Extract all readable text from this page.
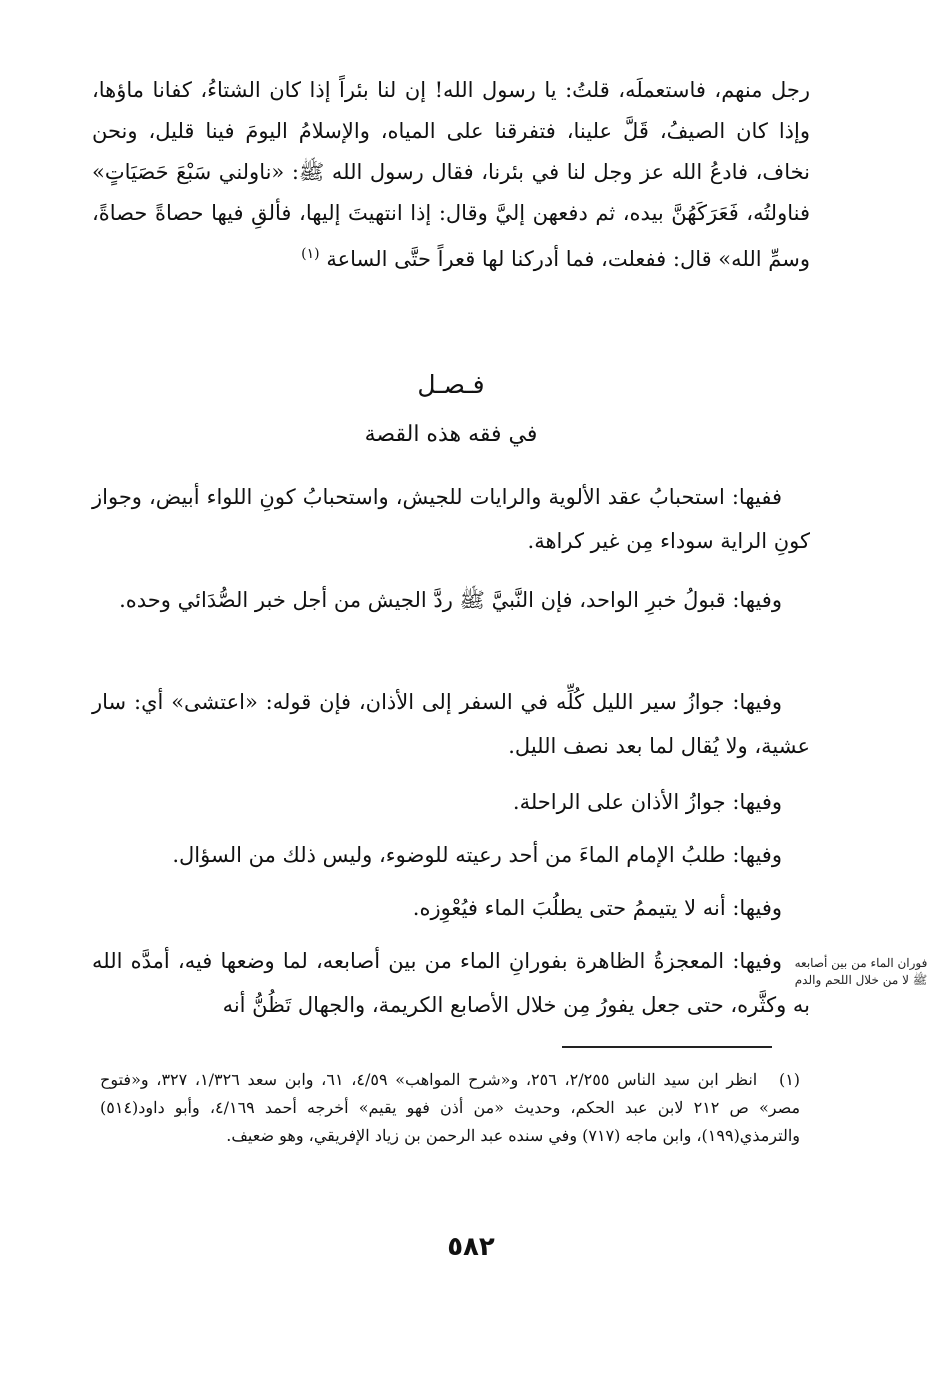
رجل منهم، فاستعملَه، قلتُ: يا رسول الله! إن لنا بئراً إذا كان الشتاءُ، كفانا ماؤها، وإذا كان الصيفُ، قَلَّ علينا، فتفرقنا على المياه، والإسلامُ اليومَ فينا قليل، ونحن نخاف، فادعُ الله عز وجل لنا في بئرنا، فقال رسول الله ﷺ: «ناولني سَبْعَ حَصَيَاتٍ» فناولتُه، فَعَرَكَهُنَّ بيده، ثم دفعهن إليَّ وقال: إذا انتهيتَ إليها، فألقِ فيها حصاةً حصاةً، وسمِّ الله» قال: ففعلت، فما أدركنا لها قعراً حتَّى الساعة $^{(١)}$
فـصـل
في فقه هذه القصة
ففيها: استحبابُ عقد الألوية والرايات للجيش، واستحبابُ كونِ اللواء أبيض، وجواز كونِ الراية سوداء مِن غير كراهة.
وفيها: قبولُ خبرِ الواحد، فإن النَّبيَّ ﷺ ردَّ الجيش من أجل خبر الصُّدَائي وحده.
وفيها: جوازُ سير الليل كُلِّه في السفر إلى الأذان، فإن قوله: «اعتشى» أي: سار عشية، ولا يُقال لما بعد نصف الليل.
وفيها: جوازُ الأذان على الراحلة.
وفيها: طلبُ الإمام الماءَ من أحد رعيته للوضوء، وليس ذلك من السؤال.
وفيها: أنه لا يتيممُ حتى يطلُبَ الماء فيُعْوِزه.
وفيها: المعجزةُ الظاهرة بفورانِ الماء من بين أصابعه، لما وضعها فيه، أمدَّه الله به وكثَّره، حتى جعل يفورُ مِن خلال الأصابع الكريمة، والجهال تَظُنُّ أنه
فوران الماء من بين أصابعه ﷺ لا من خلال اللحم والدم
(١) انظر ابن سيد الناس ٢/٢٥٥، ٢٥٦، و«شرح المواهب» ٤/٥٩، ٦١، وابن سعد ١/٣٢٦، ٣٢٧، و«فتوح مصر» ص ٢١٢ لابن عبد الحكم، وحديث «من أذن فهو يقيم» أخرجه أحمد ٤/١٦٩، وأبو داود(٥١٤) والترمذي(١٩٩)، وابن ماجه (٧١٧) وفي سنده عبد الرحمن بن زياد الإفريقي، وهو ضعيف.
٥٨٢
